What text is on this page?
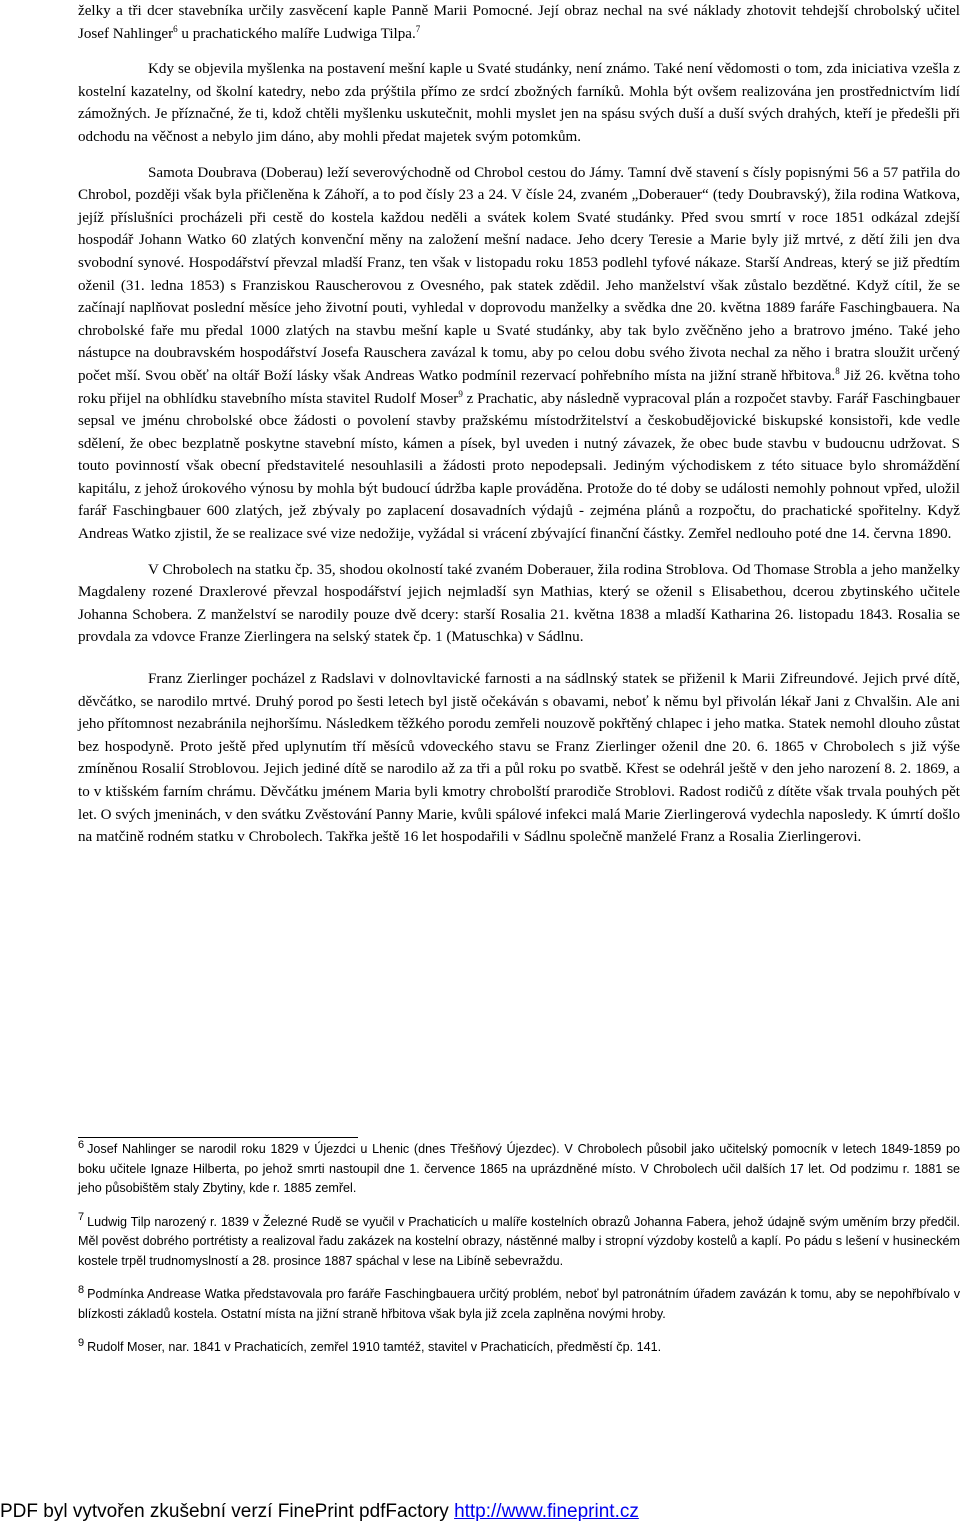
želky a tři dcer stavebníka určily zasvěcení kaple Panně Marii Pomocné. Její obraz nechal na své náklady zhotovit tehdejší chrobolský učitel Josef Nahlinger$^6$ u prachatického malíře Ludwiga Tilpa.$^7$

Kdy se objevila myšlenka na postavení mešní kaple u Svaté studánky, není známo. Také není vědomosti o tom, zda iniciativa vzešla z kostelní kazatelny, od školní katedry, nebo zda prýštila přímo ze srdcí zbožných farníků. Mohla být ovšem realizována jen prostřednictvím lidí zámožných. Je příznačné, že ti, kdož chtěli myšlenku uskutečnit, mohli myslet jen na spásu svých duší a duší svých drahých, kteří je předešli při odchodu na věčnost a nebylo jim dáno, aby mohli předat majetek svým potomkům.

Samota Doubrava (Doberau) leží severovýchodně od Chrobol cestou do Jámy. Tamní dvě stavení s čísly popisnými 56 a 57 patřila do Chrobol, později však byla přičleněna k Záhoří, a to pod čísly 23 a 24. V čísle 24, zvaném „Doberauer“ (tedy Doubravský), žila rodina Watkova, jejíž příslušníci procházeli při cestě do kostela každou neděli a svátek kolem Svaté studánky. Před svou smrtí v roce 1851 odkázal zdejší hospodář Johann Watko 60 zlatých konvenční měny na založení mešní nadace. Jeho dcery Teresie a Marie byly již mrtvé, z dětí žili jen dva svobodní synové. Hospodářství převzal mladší Franz, ten však v listopadu roku 1853 podlehl tyfové nákaze. Starší Andreas, který se již předtím oženil (31. ledna 1853) s Franziskou Rauscherovou z Ovesného, pak statek zdědil. Jeho manželství však zůstalo bezdětné. Když cítil, že se začínají naplňovat poslední měsíce jeho životní pouti, vyhledal v doprovodu manželky a svědka dne 20. května 1889 faráře Faschingbauera. Na chrobolské faře mu předal 1000 zlatých na stavbu mešní kaple u Svaté studánky, aby tak bylo zvěčněno jeho a bratrovo jméno. Také jeho nástupce na doubravském hospodářství Josefa Rauschera zavázal k tomu, aby po celou dobu svého života nechal za něho i bratra sloužit určený počet mší. Svou oběť na oltář Boží lásky však Andreas Watko podmínil rezervací pohřebního místa na jižní straně hřbitova.$^8$ Již 26. května toho roku přijel na obhlídku stavebního místa stavitel Rudolf Moser$^9$ z Prachatic, aby následně vypracoval plán a rozpočet stavby. Farář Faschingbauer sepsal ve jménu chrobolské obce žádosti o povolení stavby pražskému místodržitelství a českobudějovické biskupské konsistoři, kde vedle sdělení, že obec bezplatně poskytne stavební místo, kámen a písek, byl uveden i nutný závazek, že obec bude stavbu v budoucnu udržovat. S touto povinností však obecní představitelé nesouhlasili a žádosti proto nepodepsali. Jediným východiskem z této situace bylo shromáždění kapitálu, z jehož úrokového výnosu by mohla být budoucí údržba kaple prováděna. Protože do té doby se události nemohly pohnout vpřed, uložil farář Faschingbauer 600 zlatých, jež zbývaly po zaplacení dosavadních výdajů - zejména plánů a rozpočtu, do prachatické spořitelny. Když Andreas Watko zjistil, že se realizace své vize nedožije, vyžádal si vrácení zbývající finanční částky. Zemřel nedlouho poté dne 14. června 1890.

V Chrobolech na statku čp. 35, shodou okolností také zvaném Doberauer, žila rodina Stroblova. Od Thomase Strobla a jeho manželky Magdaleny rozené Draxlerové převzal hospodářství jejich nejmladší syn Mathias, který se oženil s Elisabethou, dcerou zbytinského učitele Johanna Schobera. Z manželství se narodily pouze dvě dcery: starší Rosalia 21. května 1838 a mladší Katharina 26. listopadu 1843. Rosalia se provdala za vdovce Franze Zierlingera na selský statek čp. 1 (Matuschka) v Sádlnu.

Franz Zierlinger pocházel z Radslavi v dolnovltavické farnosti a na sádlnský statek se přiženil k Marii Zifreundové. Jejich prvé dítě, děvčátko, se narodilo mrtvé. Druhý porod po šesti letech byl jistě očekáván s obavami, neboť k němu byl přivolán lékař Jani z Chvalšin. Ale ani jeho přítomnost nezabránila nejhoršímu. Následkem těžkého porodu zemřeli nouzově pokřtěný chlapec i jeho matka. Statek nemohl dlouho zůstat bez hospodyně. Proto ještě před uplynutím tří měsíců vdoveckého stavu se Franz Zierlinger oženil dne 20. 6. 1865 v Chrobolech s již výše zmíněnou Rosalií Stroblovou. Jejich jediné dítě se narodilo až za tři a půl roku po svatbě. Křest se odehrál ještě v den jeho narození 8. 2. 1869, a to v ktišském farním chrámu. Děvčátku jménem Maria byli kmotry chrobolští prarodiče Stroblovi. Radost rodičů z dítěte však trvala pouhých pět let. O svých jmeninách, v den svátku Zvěstování Panny Marie, kvůli spálové infekci malá Marie Zierlingerová vydechla naposledy. K úmrtí došlo na matčině rodném statku v Chrobolech. Takřka ještě 16 let hospodařili v Sádlnu společně manželé Franz a Rosalia Zierlingerovi.

6 Josef Nahlinger se narodil roku 1829 v Újezdci u Lhenic (dnes Třešňový Újezdec). V Chrobolech působil jako učitelský pomocník v letech 1849-1859 po boku učitele Ignaze Hilberta, po jehož smrti nastoupil dne 1. července 1865 na uprázdněné místo. V Chrobolech učil dalších 17 let. Od podzimu r. 1881 se jeho působištěm staly Zbytiny, kde r. 1885 zemřel.

7 Ludwig Tilp narozený r. 1839 v Železné Rudě se vyučil v Prachaticích u malíře kostelních obrazů Johanna Fabera, jehož údajně svým uměním brzy předčil. Měl pověst dobrého portrétisty a realizoval řadu zakázek na kostelní obrazy, nástěnné malby i stropní výzdoby kostelů a kaplí. Po pádu s lešení v husineckém kostele trpěl trudnomyslností a 28. prosince 1887 spáchal v lese na Libíně sebevraždu.

8 Podmínka Andrease Watka představovala pro faráře Faschingbauera určitý problém, neboť byl patronátním úřadem zavázán k tomu, aby se nepohřbívalo v blízkosti základů kostela. Ostatní místa na jižní straně hřbitova však byla již zcela zaplněna novými hroby.

9 Rudolf Moser, nar. 1841 v Prachaticích, zemřel 1910 tamtéž, stavitel v Prachaticích, předměstí čp. 141.

PDF byl vytvořen zkušební verzí FinePrint pdfFactory http://www.fineprint.cz
